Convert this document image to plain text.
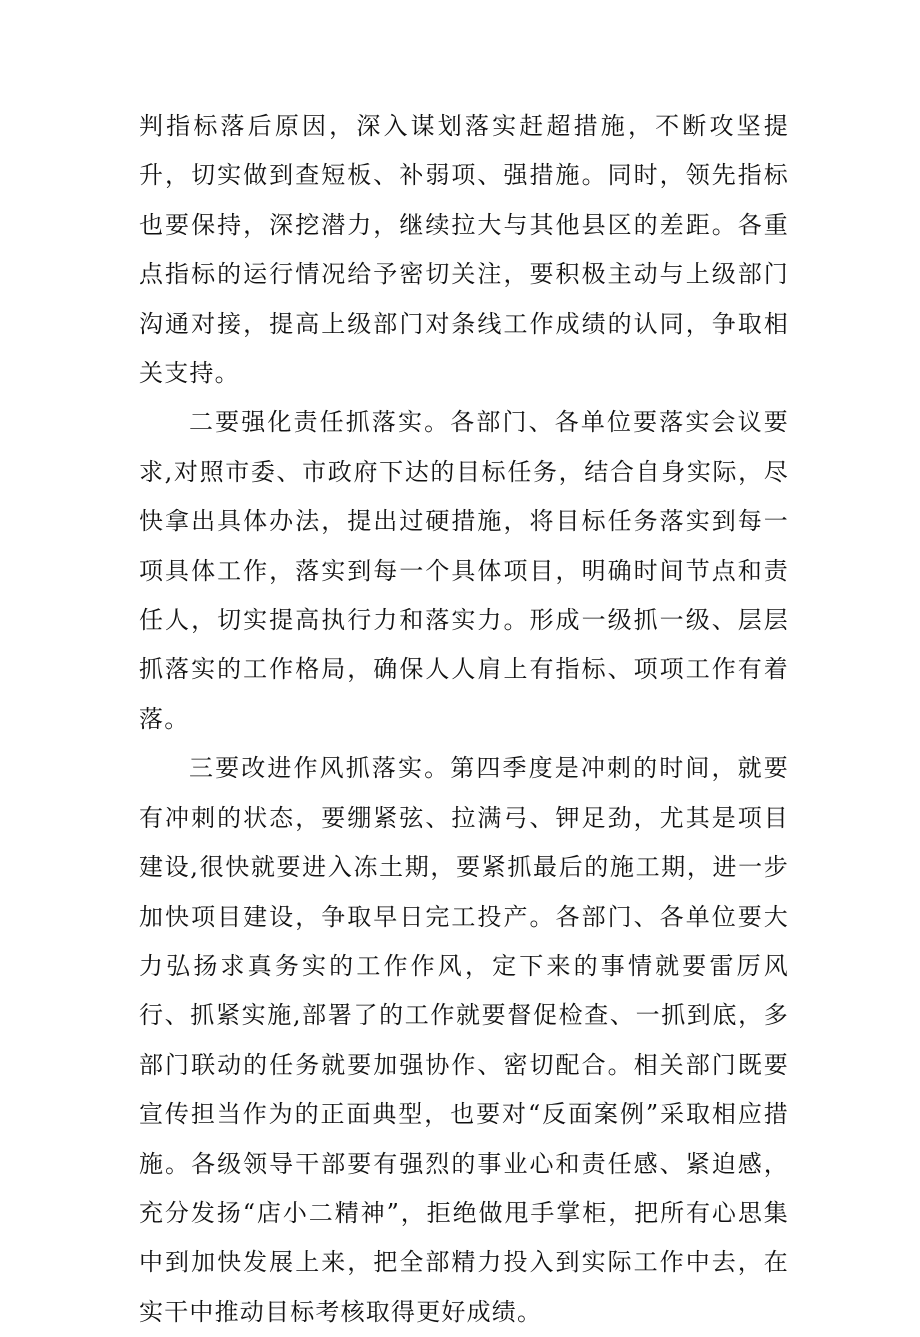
判指标落后原因，深入谋划落实赶超措施，不断攻坚提升，切实做到查短板、补弱项、强措施。同时，领先指标也要保持，深挖潜力，继续拉大与其他县区的差距。各重点指标的运行情况给予密切关注，要积极主动与上级部门沟通对接，提高上级部门对条线工作成绩的认同，争取相关支持。

二要强化责任抓落实。各部门、各单位要落实会议要求,对照市委、市政府下达的目标任务，结合自身实际，尽快拿出具体办法，提出过硬措施，将目标任务落实到每一项具体工作，落实到每一个具体项目，明确时间节点和责任人，切实提高执行力和落实力。形成一级抓一级、层层抓落实的工作格局，确保人人肩上有指标、项项工作有着落。

三要改进作风抓落实。第四季度是冲刺的时间，就要有冲刺的状态，要绷紧弦、拉满弓、钾足劲，尤其是项目建设,很快就要进入冻土期，要紧抓最后的施工期，进一步加快项目建设，争取早日完工投产。各部门、各单位要大力弘扬求真务实的工作作风，定下来的事情就要雷厉风行、抓紧实施,部署了的工作就要督促检查、一抓到底，多部门联动的任务就要加强协作、密切配合。相关部门既要宣传担当作为的正面典型，也要对“反面案例”采取相应措施。各级领导干部要有强烈的事业心和责任感、紧迫感，充分发扬“店小二精神”，拒绝做甩手掌柜，把所有心思集中到加快发展上来，把全部精力投入到实际工作中去，在实干中推动目标考核取得更好成绩。
